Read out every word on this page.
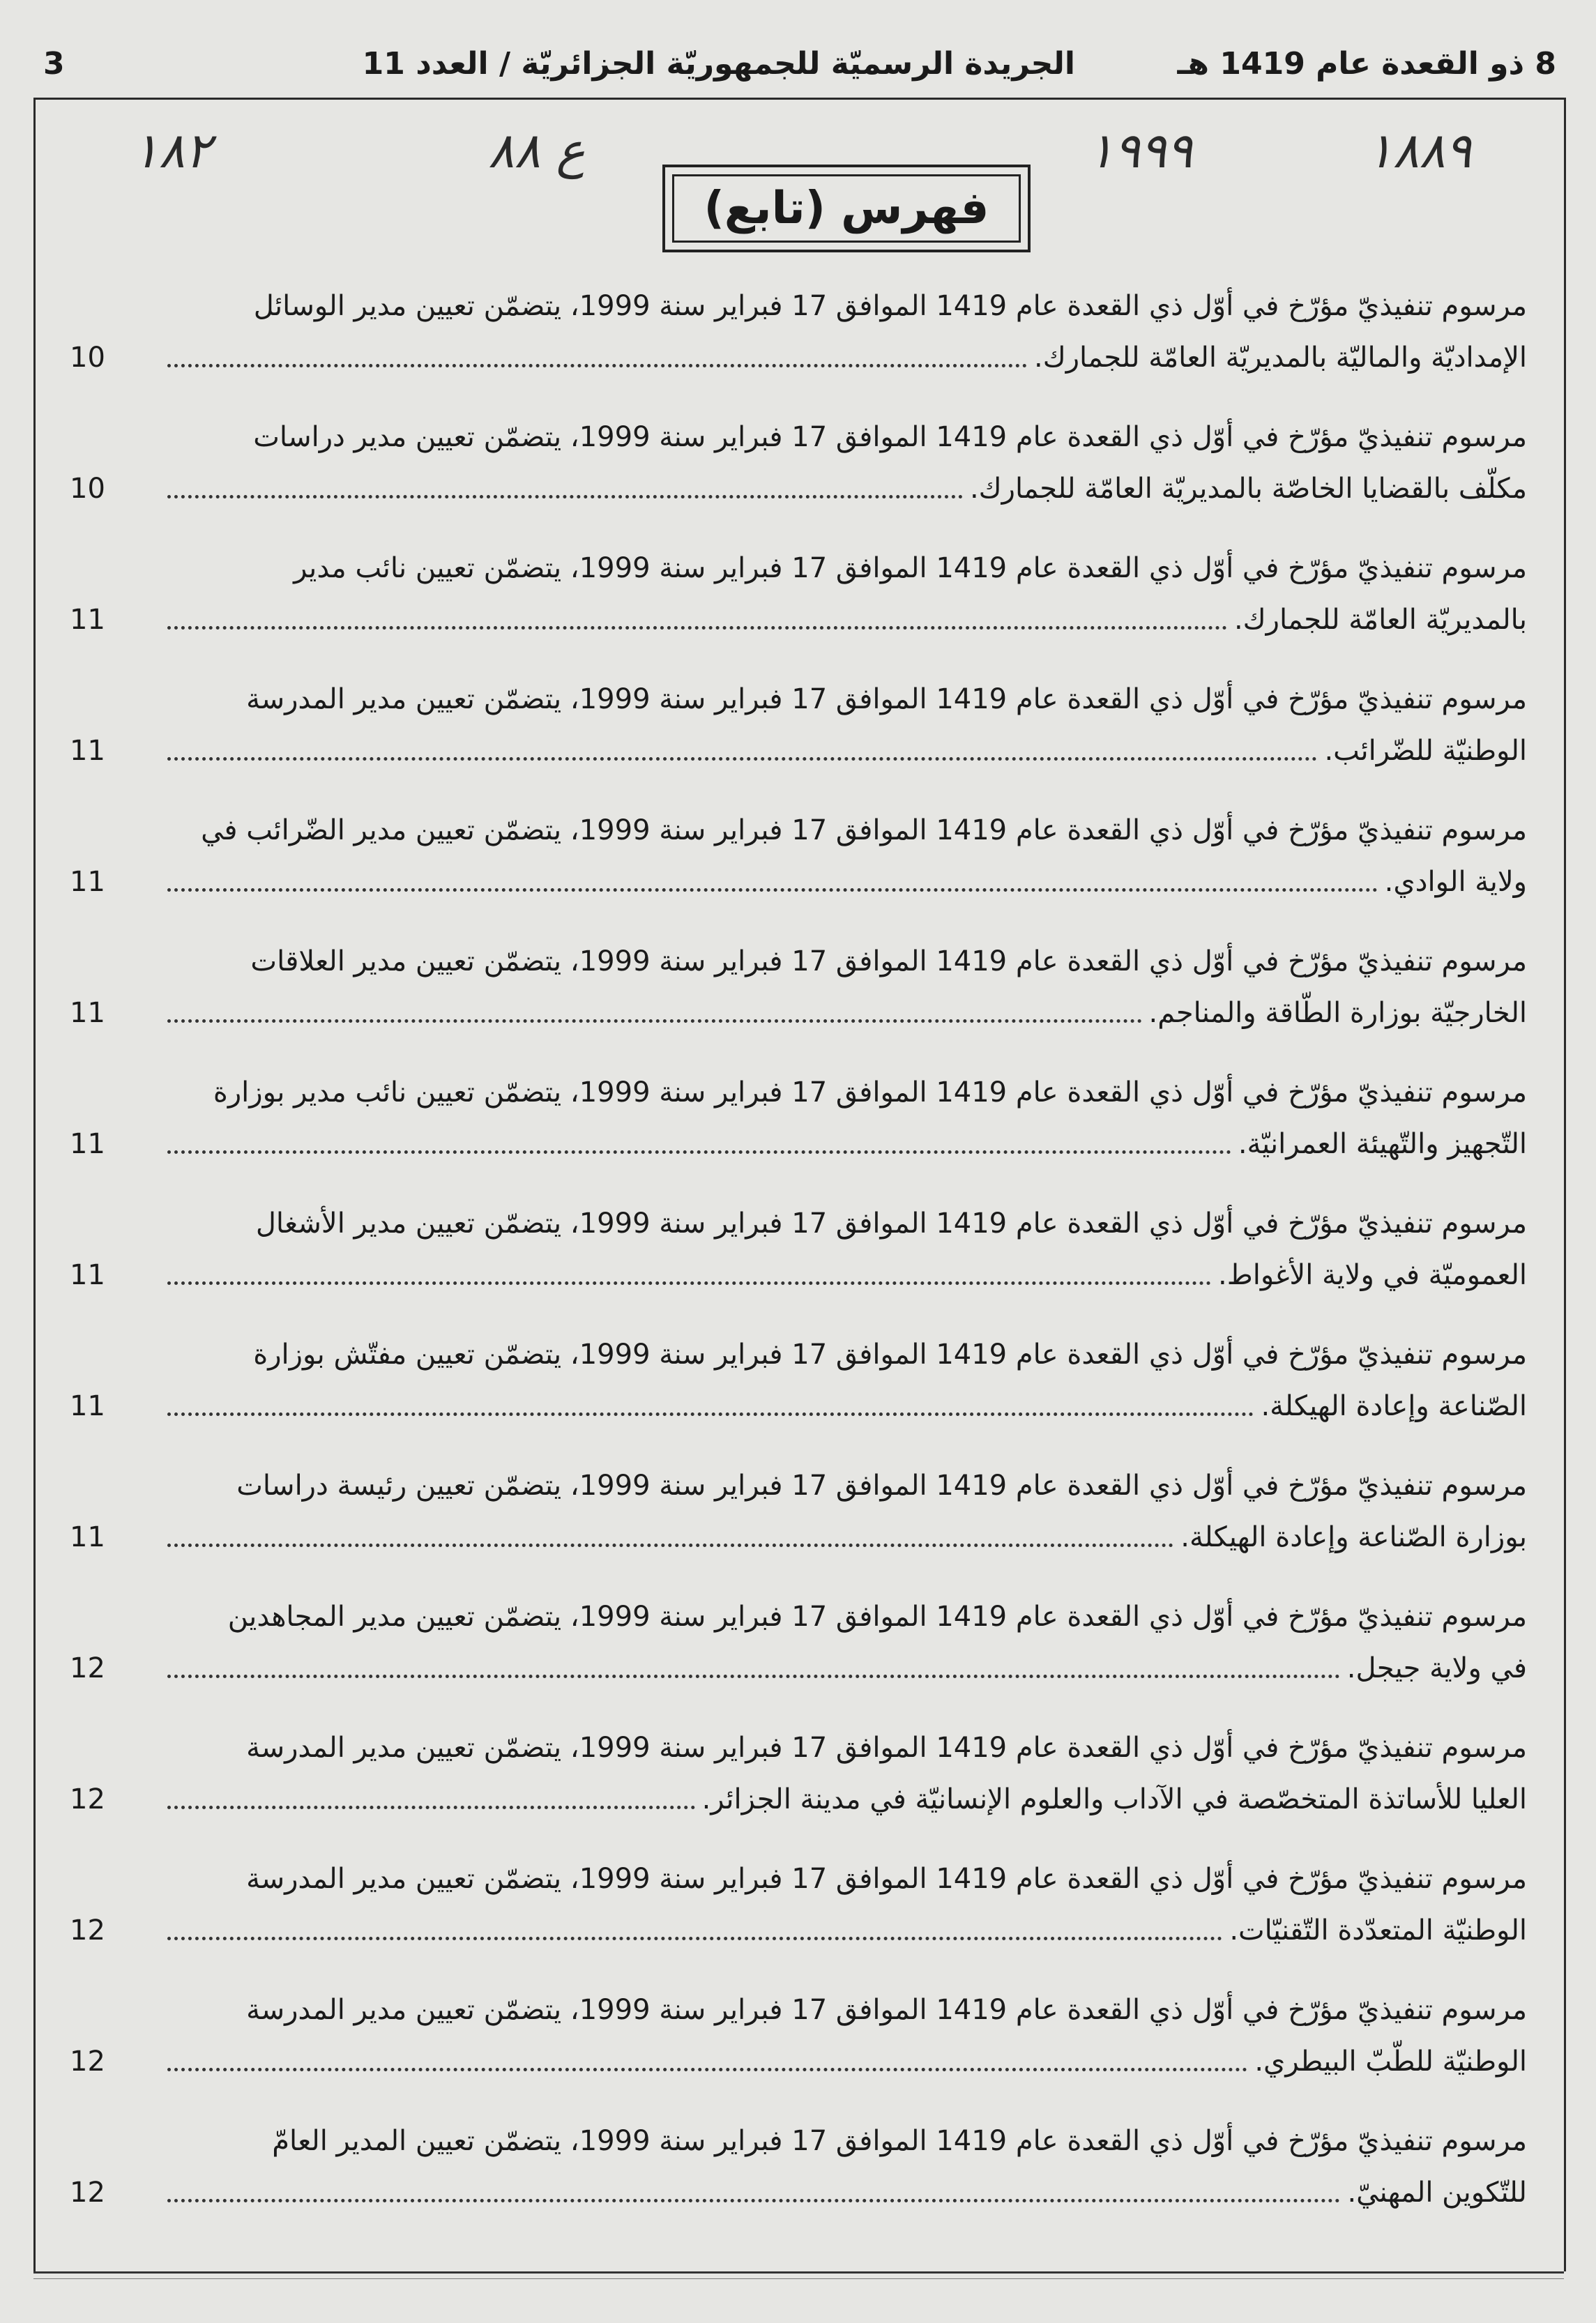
8 ذو القعدة عام 1419 هـ
الجريدة الرسميّة للجمهوريّة الجزائريّة / العدد 11
3
١٨٨٩
١٩٩٩
ع ٨٨
١٨٢
فهرس (تابع)
مرسوم تنفيذيّ مؤرّخ في أوّل ذي القعدة عام 1419 الموافق 17 فبراير سنة 1999، يتضمّن تعيين مدير الوسائل
الإمداديّة والماليّة بالمديريّة العامّة للجمارك.
10
مرسوم تنفيذيّ مؤرّخ في أوّل ذي القعدة عام 1419 الموافق 17 فبراير سنة 1999، يتضمّن تعيين مدير دراسات
مكلّف بالقضايا الخاصّة بالمديريّة العامّة للجمارك.
10
مرسوم تنفيذيّ مؤرّخ في أوّل ذي القعدة عام 1419 الموافق 17 فبراير سنة 1999، يتضمّن تعيين نائب مدير
بالمديريّة العامّة للجمارك.
11
مرسوم تنفيذيّ مؤرّخ في أوّل ذي القعدة عام 1419 الموافق 17 فبراير سنة 1999، يتضمّن تعيين مدير المدرسة
الوطنيّة للضّرائب.
11
مرسوم تنفيذيّ مؤرّخ في أوّل ذي القعدة عام 1419 الموافق 17 فبراير سنة 1999، يتضمّن تعيين مدير الضّرائب في
ولاية الوادي.
11
مرسوم تنفيذيّ مؤرّخ في أوّل ذي القعدة عام 1419 الموافق 17 فبراير سنة 1999، يتضمّن تعيين مدير العلاقات
الخارجيّة بوزارة الطّاقة والمناجم.
11
مرسوم تنفيذيّ مؤرّخ في أوّل ذي القعدة عام 1419 الموافق 17 فبراير سنة 1999، يتضمّن تعيين نائب مدير بوزارة
التّجهيز والتّهيئة العمرانيّة.
11
مرسوم تنفيذيّ مؤرّخ في أوّل ذي القعدة عام 1419 الموافق 17 فبراير سنة 1999، يتضمّن تعيين مدير الأشغال
العموميّة في ولاية الأغواط.
11
مرسوم تنفيذيّ مؤرّخ في أوّل ذي القعدة عام 1419 الموافق 17 فبراير سنة 1999، يتضمّن تعيين مفتّش بوزارة
الصّناعة وإعادة الهيكلة.
11
مرسوم تنفيذيّ مؤرّخ في أوّل ذي القعدة عام 1419 الموافق 17 فبراير سنة 1999، يتضمّن تعيين رئيسة دراسات
بوزارة الصّناعة وإعادة الهيكلة.
11
مرسوم تنفيذيّ مؤرّخ في أوّل ذي القعدة عام 1419 الموافق 17 فبراير سنة 1999، يتضمّن تعيين مدير المجاهدين
في ولاية جيجل.
12
مرسوم تنفيذيّ مؤرّخ في أوّل ذي القعدة عام 1419 الموافق 17 فبراير سنة 1999، يتضمّن تعيين مدير المدرسة
العليا للأساتذة المتخصّصة في الآداب والعلوم الإنسانيّة في مدينة الجزائر.
12
مرسوم تنفيذيّ مؤرّخ في أوّل ذي القعدة عام 1419 الموافق 17 فبراير سنة 1999، يتضمّن تعيين مدير المدرسة
الوطنيّة المتعدّدة التّقنيّات.
12
مرسوم تنفيذيّ مؤرّخ في أوّل ذي القعدة عام 1419 الموافق 17 فبراير سنة 1999، يتضمّن تعيين مدير المدرسة
الوطنيّة للطّبّ البيطري.
12
مرسوم تنفيذيّ مؤرّخ في أوّل ذي القعدة عام 1419 الموافق 17 فبراير سنة 1999، يتضمّن تعيين المدير العامّ
للتّكوين المهنيّ.
12
